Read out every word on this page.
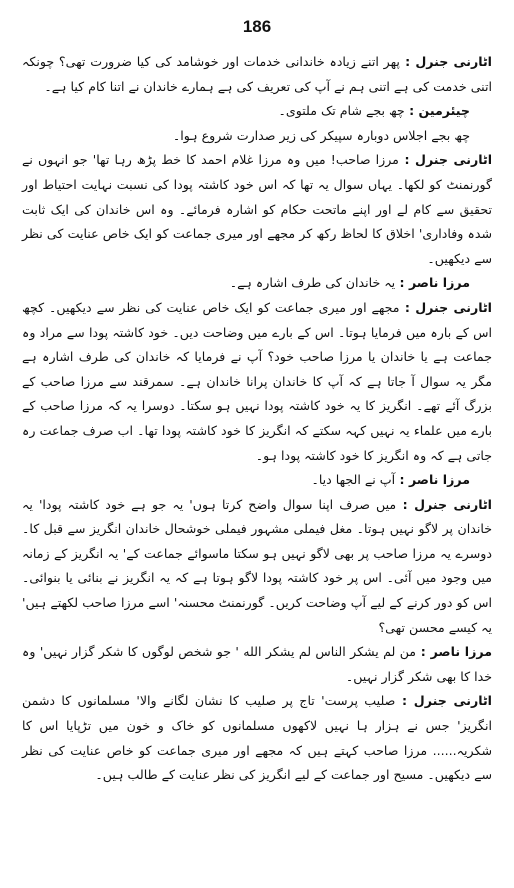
186

اٹارنی جنرل : پھر اتنے زیادہ خاندانی خدمات اور خوشامد کی کیا ضرورت تھی؟ چونکہ اتنی خدمت کی ہے اتنی ہم نے آپ کی تعریف کی ہے ہمارے خاندان نے اتنا کام کیا ہے۔

چیئرمین : چھ بجے شام تک ملتوی۔

چھ بجے اجلاس دوبارہ سپیکر کی زیر صدارت شروع ہوا۔

اٹارنی جنرل : مرزا صاحب! میں وہ مرزا غلام احمد کا خط پڑھ رہا تھا' جو انہوں نے گورنمنٹ کو لکھا۔ یہاں سوال یہ تھا کہ اس خود کاشتہ پودا کی نسبت نہایت احتیاط اور تحقیق سے کام لے اور اپنے ماتحت حکام کو اشارہ فرمائے۔ وہ اس خاندان کی ایک ثابت شدہ وفاداری' اخلاق کا لحاظ رکھ کر مجھے اور میری جماعت کو ایک خاص عنایت کی نظر سے دیکھیں۔

مرزا ناصر : یہ خاندان کی طرف اشارہ ہے۔

اٹارنی جنرل : مجھے اور میری جماعت کو ایک خاص عنایت کی نظر سے دیکھیں۔ کچھ اس کے بارہ میں فرمایا ہوتا۔ اس کے بارے میں وضاحت دیں۔ خود کاشتہ پودا سے مراد وہ جماعت ہے یا خاندان یا مرزا صاحب خود؟ آپ نے فرمایا کہ خاندان کی طرف اشارہ ہے مگر یہ سوال آ جاتا ہے کہ آپ کا خاندان پرانا خاندان ہے۔ سمرقند سے مرزا صاحب کے بزرگ آئے تھے۔ انگریز کا یہ خود کاشتہ پودا نہیں ہو سکتا۔ دوسرا یہ کہ مرزا صاحب کے بارے میں علماء یہ نہیں کہہ سکتے کہ انگریز کا خود کاشتہ پودا تھا۔ اب صرف جماعت رہ جاتی ہے کہ وہ انگریز کا خود کاشتہ پودا ہو۔

مرزا ناصر : آپ نے الجھا دیا۔

اٹارنی جنرل : میں صرف اپنا سوال واضح کرتا ہوں' یہ جو ہے خود کاشتہ پودا' یہ خاندان پر لاگو نہیں ہوتا۔ مغل فیملی مشہور فیملی خوشحال خاندان انگریز سے قبل کا۔ دوسرے یہ مرزا صاحب پر بھی لاگو نہیں ہو سکتا ماسوائے جماعت کے' یہ انگریز کے زمانہ میں وجود میں آئی۔ اس پر خود کاشتہ پودا لاگو ہوتا ہے کہ یہ انگریز نے بنائی یا بنوائی۔ اس کو دور کرنے کے لیے آپ وضاحت کریں۔ گورنمنٹ محسنہ' اسے مرزا صاحب لکھتے ہیں' یہ کیسے محسن تھی؟

مرزا ناصر : من لم یشکر الناس لم یشکر الله ' جو شخص لوگوں کا شکر گزار نہیں' وہ خدا کا بھی شکر گزار نہیں۔

اٹارنی جنرل : صلیب پرست' تاج پر صلیب کا نشان لگانے والا' مسلمانوں کا دشمن انگریز' جس نے ہزار ہا نہیں لاکھوں مسلمانوں کو خاک و خون میں تڑپایا اس کا شکریہ...... مرزا صاحب کہتے ہیں کہ مجھے اور میری جماعت کو خاص عنایت کی نظر سے دیکھیں۔ مسیح اور جماعت کے لیے انگریز کی نظر عنایت کے طالب ہیں۔
